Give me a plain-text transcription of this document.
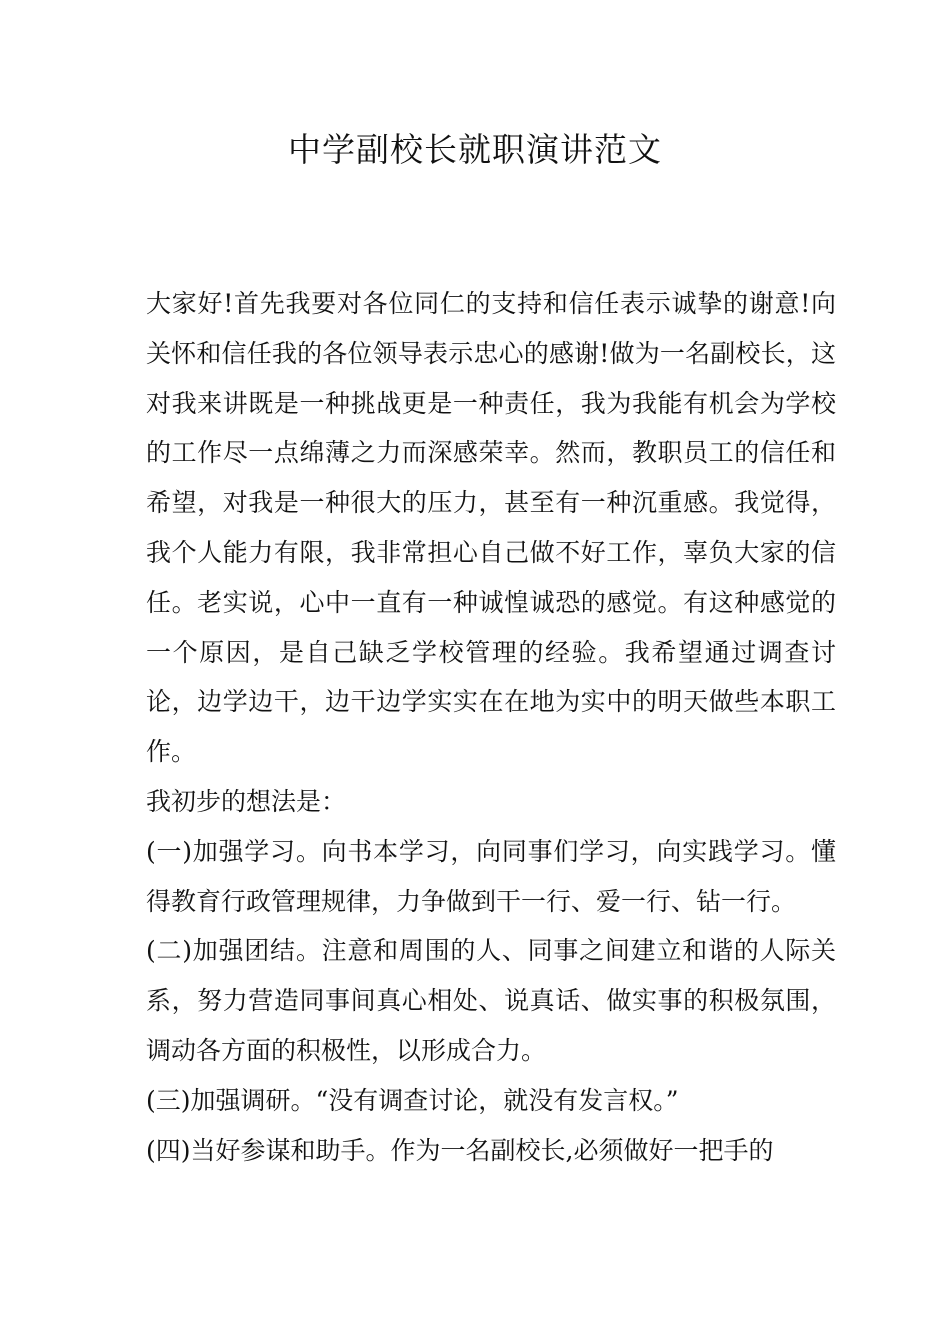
中学副校长就职演讲范文

大家好!首先我要对各位同仁的支持和信任表示诚挚的谢意!向关怀和信任我的各位领导表示忠心的感谢!做为一名副校长，这对我来讲既是一种挑战更是一种责任，我为我能有机会为学校的工作尽一点绵薄之力而深感荣幸。然而，教职员工的信任和希望，对我是一种很大的压力，甚至有一种沉重感。我觉得，我个人能力有限，我非常担心自己做不好工作，辜负大家的信任。老实说，心中一直有一种诚惶诚恐的感觉。有这种感觉的一个原因，是自己缺乏学校管理的经验。我希望通过调查讨论，边学边干，边干边学实实在在地为实中的明天做些本职工作。

我初步的想法是：

(一)加强学习。向书本学习，向同事们学习，向实践学习。懂得教育行政管理规律，力争做到干一行、爱一行、钻一行。

(二)加强团结。注意和周围的人、同事之间建立和谐的人际关系，努力营造同事间真心相处、说真话、做实事的积极氛围，调动各方面的积极性，以形成合力。

(三)加强调研。“没有调查讨论，就没有发言权。”

(四)当好参谋和助手。作为一名副校长,必须做好一把手的
